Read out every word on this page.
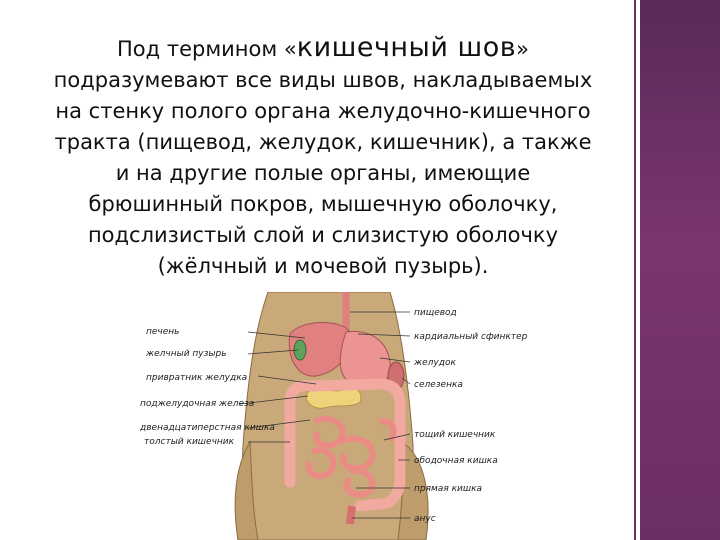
Под термином «кишечный шов»
подразумевают все виды швов, накладываемых
на стенку полого органа желудочно-кишечного
тракта (пищевод, желудок, кишечник), а также
и на другие полые органы, имеющие
брюшинный покров, мышечную оболочку,
подслизистый слой и слизистую оболочку
(жёлчный и мочевой пузырь).
печень
желчный пузырь
привратник желудка
поджелудочная железа
двенадцатиперстная кишка
толстый кишечник
пищевод
кардиальный сфинктер
желудок
селезенка
тощий кишечник
ободочная кишка
прямая кишка
анус
